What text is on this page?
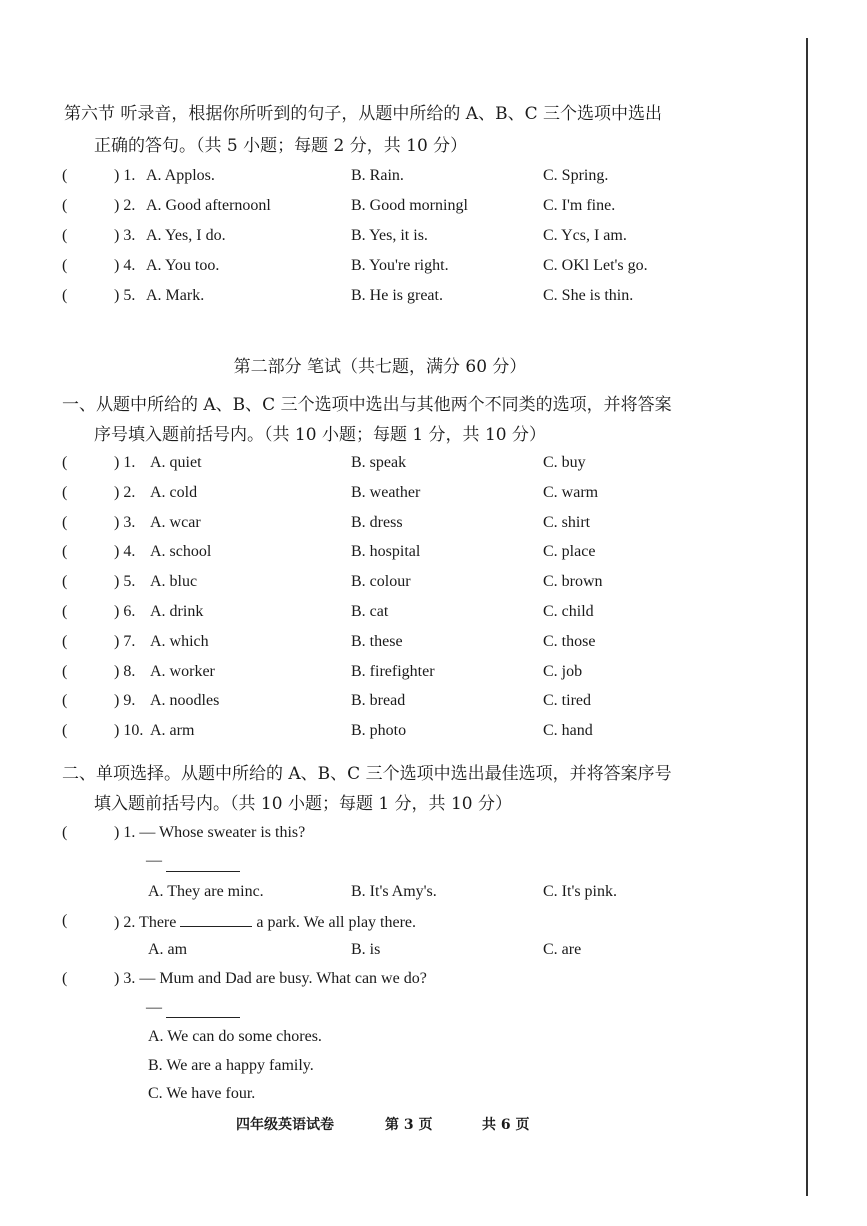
第六节 听录音，根据你所听到的句子，从题中所给的 A、B、C 三个选项中选出
正确的答句。（共 5 小题；每题 2 分，共 10 分）
(	) 1. A. Applos.	B. Rain.	C. Spring.
(	) 2. A. Good afternoonl	B. Good morningl	C. I'm fine.
(	) 3. A. Yes, I do.	B. Yes, it is.	C. Ycs, I am.
(	) 4. A. You too.	B. You're right.	C. OKl Let's go.
(	) 5. A. Mark.	B. He is great.	C. She is thin.
第二部分 笔试（共七题，满分 60 分）
一、从题中所给的 A、B、C 三个选项中选出与其他两个不同类的选项，并将答案
序号填入题前括号内。（共 10 小题；每题 1 分，共 10 分）
(	) 1. A. quiet	B. speak	C. buy
(	) 2. A. cold	B. weather	C. warm
(	) 3. A. wcar	B. dress	C. shirt
(	) 4. A. school	B. hospital	C. place
(	) 5. A. bluc	B. colour	C. brown
(	) 6. A. drink	B. cat	C. child
(	) 7. A. which	B. these	C. those
(	) 8. A. worker	B. firefighter	C. job
(	) 9. A. noodles	B. bread	C. tired
(	) 10. A. arm	B. photo	C. hand
二、单项选择。从题中所给的 A、B、C 三个选项中选出最佳选项，并将答案序号
填入题前括号内。（共 10 小题；每题 1 分，共 10 分）
(	) 1. — Whose sweater is this?
—
A. They are minc.	B. It's Amy's.	C. It's pink.
(	) 2. There	a park. We all play there.
A. am	B. is	C. are
(	) 3. — Mum and Dad are busy. What can we do?
—
A. We can do some chores.
B. We are a happy family.
C. We have four.
四年级英语试卷	第 3 页	共 6 页
